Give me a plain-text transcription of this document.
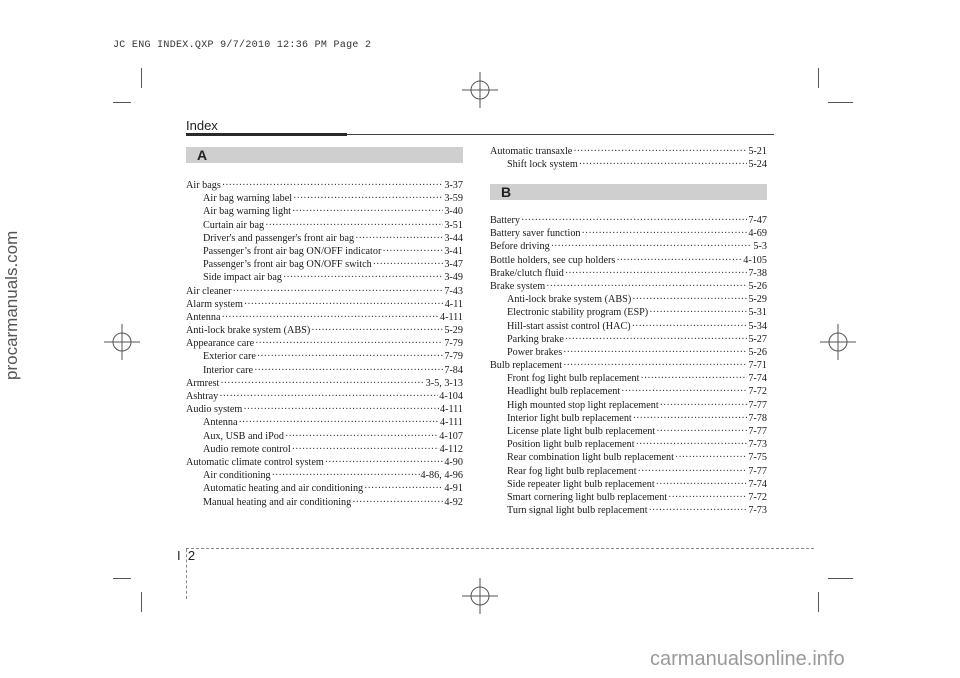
JC ENG INDEX.QXP 9/7/2010 12:36 PM Page 2
procarmanuals.com
Index
A
Air bags ·····	3-37
Air bag warning label ·····	3-59
Air bag warning light ·····	3-40
Curtain air bag ·····	3-51
Driver's and passenger's front air bag ·····	3-44
Passenger’s front air bag ON/OFF indicator ·····	3-41
Passenger’s front air bag ON/OFF switch ·····	3-47
Side impact air bag ·····	3-49
Air cleaner ·····	7-43
Alarm system ·····	4-11
Antenna ·····	4-111
Anti-lock brake system (ABS) ·····	5-29
Appearance care ·····	7-79
Exterior care ·····	7-79
Interior care ·····	7-84
Armrest ·····	3-5, 3-13
Ashtray ·····	4-104
Audio system ·····	4-111
Antenna ·····	4-111
Aux, USB and iPod ·····	4-107
Audio remote control ·····	4-112
Automatic climate control system ·····	4-90
Air conditioning ·····	4-86, 4-96
Automatic heating and air conditioning ·····	4-91
Manual heating and air conditioning ·····	4-92
Automatic transaxle ·····	5-21
Shift lock system ·····	5-24
B
Battery ·····	7-47
Battery saver function ·····	4-69
Before driving ·····	5-3
Bottle holders, see cup holders ·····	4-105
Brake/clutch fluid ·····	7-38
Brake system ·····	5-26
Anti-lock brake system (ABS) ·····	5-29
Electronic stability program (ESP) ·····	5-31
Hill-start assist control (HAC) ·····	5-34
Parking brake ·····	5-27
Power brakes ·····	5-26
Bulb replacement ·····	7-71
Front fog light bulb replacement ·····	7-74
Headlight bulb replacement ·····	7-72
High mounted stop light replacement ·····	7-77
Interior light bulb replacement ·····	7-78
License plate light bulb replacement ·····	7-77
Position light bulb replacement ·····	7-73
Rear combination light bulb replacement ·····	7-75
Rear fog light bulb replacement ·····	7-77
Side repeater light bulb replacement ·····	7-74
Smart cornering light bulb replacement ·····	7-72
Turn signal light bulb replacement ·····	7-73
I 2
carmanualsonline.info
